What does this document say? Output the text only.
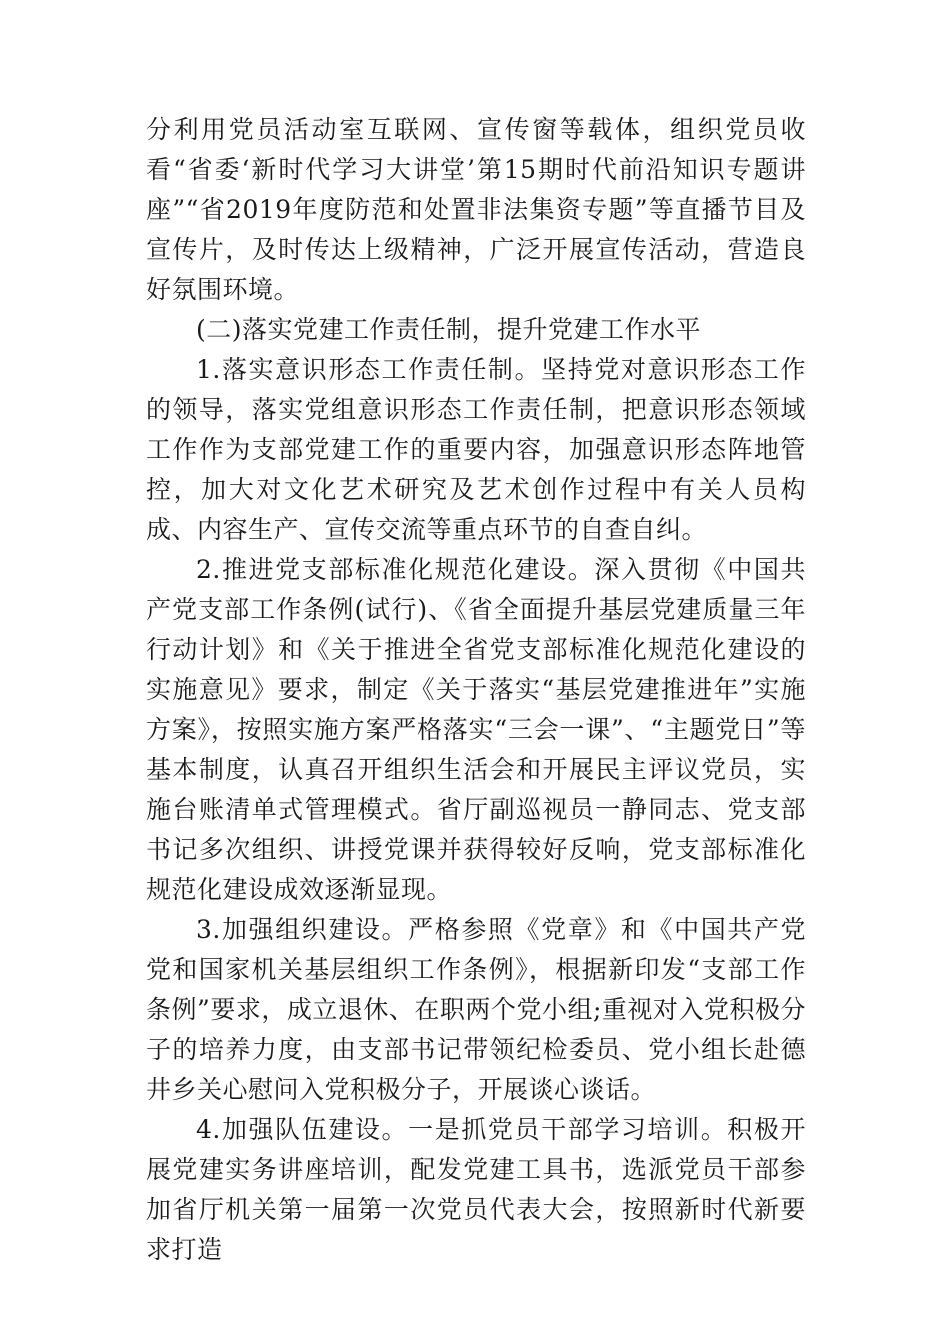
分利用党员活动室互联网、宣传窗等载体，组织党员收看“省委‘新时代学习大讲堂’第15期时代前沿知识专题讲座”“省2019年度防范和处置非法集资专题”等直播节目及宣传片，及时传达上级精神，广泛开展宣传活动，营造良好氛围环境。

(二)落实党建工作责任制，提升党建工作水平

1.落实意识形态工作责任制。坚持党对意识形态工作的领导，落实党组意识形态工作责任制，把意识形态领域工作作为支部党建工作的重要内容，加强意识形态阵地管控，加大对文化艺术研究及艺术创作过程中有关人员构成、内容生产、宣传交流等重点环节的自查自纠。

2.推进党支部标准化规范化建设。深入贯彻《中国共产党支部工作条例(试行)、《省全面提升基层党建质量三年行动计划》和《关于推进全省党支部标准化规范化建设的实施意见》要求，制定《关于落实“基层党建推进年”实施方案》，按照实施方案严格落实“三会一课”、“主题党日”等基本制度，认真召开组织生活会和开展民主评议党员，实施台账清单式管理模式。省厅副巡视员一静同志、党支部书记多次组织、讲授党课并获得较好反响，党支部标准化规范化建设成效逐渐显现。

3.加强组织建设。严格参照《党章》和《中国共产党党和国家机关基层组织工作条例》，根据新印发“支部工作条例”要求，成立退休、在职两个党小组;重视对入党积极分子的培养力度，由支部书记带领纪检委员、党小组长赴德井乡关心慰问入党积极分子，开展谈心谈话。

4.加强队伍建设。一是抓党员干部学习培训。积极开展党建实务讲座培训，配发党建工具书，选派党员干部参加省厅机关第一届第一次党员代表大会，按照新时代新要求打造
